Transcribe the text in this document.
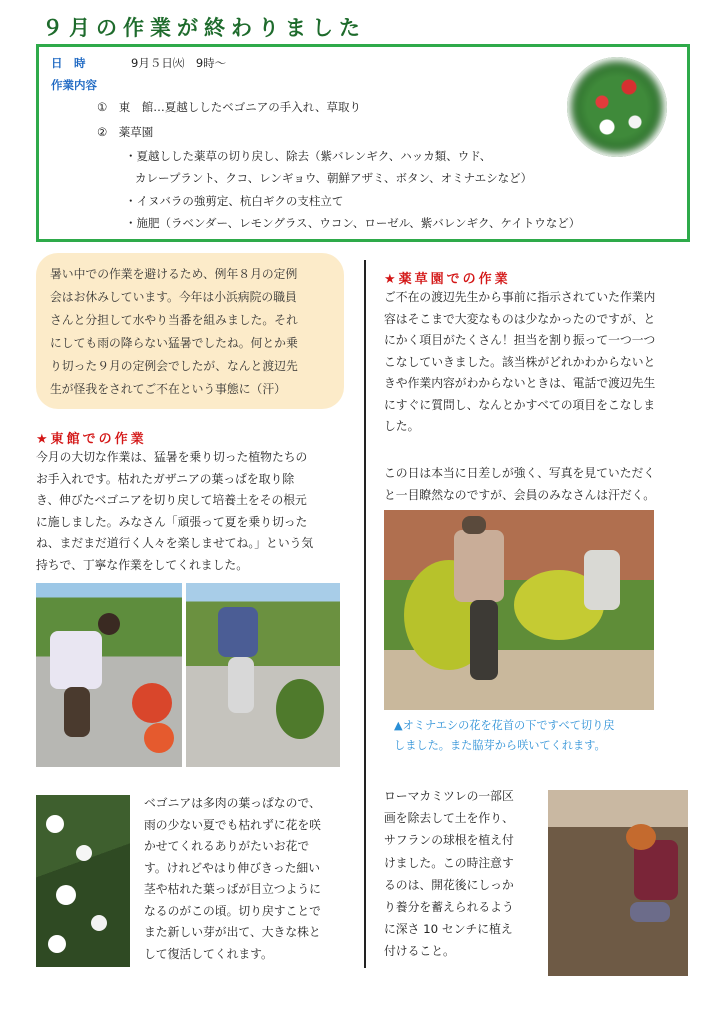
９月の作業が終わりました
日　時	9月５日㈫　9時〜
作業内容
①　東　館…夏越ししたベゴニアの手入れ、草取り
②　薬草園
・夏越しした薬草の切り戻し、除去（紫バレンギク、ハッカ類、ウド、
カレープラント、クコ、レンギョウ、朝鮮アザミ、ボタン、オミナエシなど）
・イヌバラの強剪定、杭白ギクの支柱立て
・施肥（ラベンダー、レモングラス、ウコン、ローゼル、紫バレンギク、ケイトウなど）
暑い中での作業を避けるため、例年８月の定例
会はお休みしています。今年は小浜病院の職員
さんと分担して水やり当番を組みました。それ
にしても雨の降らない猛暑でしたね。何とか乗
り切った９月の定例会でしたが、なんと渡辺先
生が怪我をされてご不在という事態に（汗）
★東館での作業
今月の大切な作業は、猛暑を乗り切った植物たちの
お手入れです。枯れたガザニアの葉っぱを取り除
き、伸びたベゴニアを切り戻して培養土をその根元
に施しました。みなさん「頑張って夏を乗り切った
ね、まだまだ道行く人々を楽しませてね。」という気
持ちで、丁寧な作業をしてくれました。
ベゴニアは多肉の葉っぱなので、
雨の少ない夏でも枯れずに花を咲
かせてくれるありがたいお花で
す。けれどやはり伸びきった細い
茎や枯れた葉っぱが目立つように
なるのがこの頃。切り戻すことで
また新しい芽が出て、大きな株と
して復活してくれます。
★薬草園での作業
ご不在の渡辺先生から事前に指示されていた作業内
容はそこまで大変なものは少なかったのですが、と
にかく項目がたくさん！担当を割り振って一つ一つ
こなしていきました。該当株がどれかわからないと
きや作業内容がわからないときは、電話で渡辺先生
にすぐに質問し、なんとかすべての項目をこなしま
した。
この日は本当に日差しが強く、写真を見ていただく
と一目瞭然なのですが、会員のみなさんは汗だく。
▲オミナエシの花を花首の下ですべて切り戻
しました。また脇芽から咲いてくれます。
ローマカミツレの一部区
画を除去して土を作り、
サフランの球根を植え付
けました。この時注意す
るのは、開花後にしっか
り養分を蓄えられるよう
に深さ 10 センチに植え
付けること。
